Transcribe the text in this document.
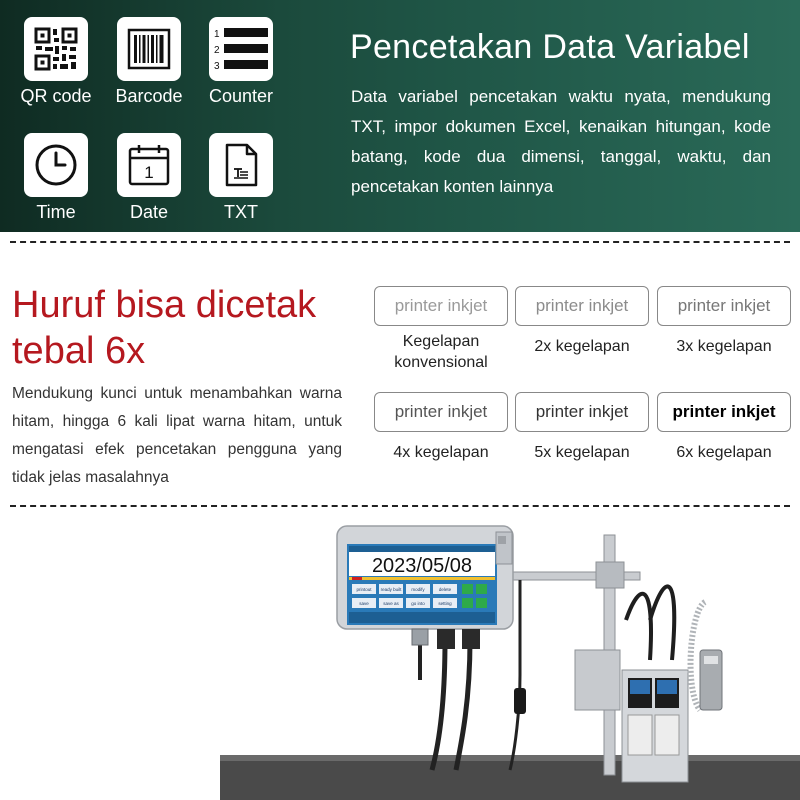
QR code	Barcode
1
2
3
Counter
Time
1
Date	TXT
Pencetakan Data Variabel
Data variabel pencetakan waktu nyata, mendukung TXT, impor dokumen Excel, kenaikan hitungan, kode batang, kode dua dimensi, tanggal, waktu, dan pencetakan konten lainnya
Huruf bisa dicetak tebal 6x
Mendukung kunci untuk menambahkan warna hitam, hingga 6 kali lipat warna hitam, untuk mengatasi efek pencetakan pengguna yang tidak jelas masalahnya
printer inkjet
Kegelapan konvensional
printer inkjet
2x kegelapan
printer inkjet
3x kegelapan
printer inkjet
4x kegelapan
printer inkjet
5x kegelapan
printer inkjet
6x kegelapan
2023/05/08
printout ready built modify	delete
save	save as	go into	setting
